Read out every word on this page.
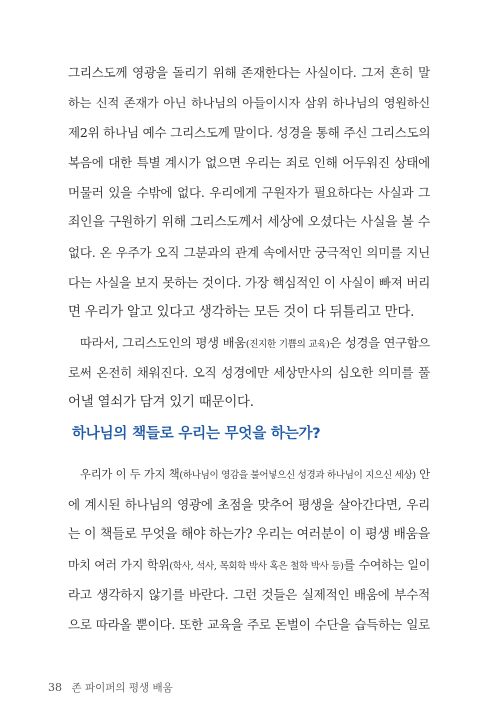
그리스도께 영광을 돌리기 위해 존재한다는 사실이다. 그저 흔히 말
하는 신적 존재가 아닌 하나님의 아들이시자 삼위 하나님의 영원하신
제2위 하나님 예수 그리스도께 말이다. 성경을 통해 주신 그리스도의
복음에 대한 특별 계시가 없으면 우리는 죄로 인해 어두워진 상태에
머물러 있을 수밖에 없다. 우리에게 구원자가 필요하다는 사실과 그
죄인을 구원하기 위해 그리스도께서 세상에 오셨다는 사실을 볼 수
없다. 온 우주가 오직 그분과의 관계 속에서만 궁극적인 의미를 지닌
다는 사실을 보지 못하는 것이다. 가장 핵심적인 이 사실이 빠져 버리
면 우리가 알고 있다고 생각하는 모든 것이 다 뒤틀리고 만다.
따라서, 그리스도인의 평생 배움(진지한 기쁨의 교육)은 성경을 연구함으
로써 온전히 채워진다. 오직 성경에만 세상만사의 심오한 의미를 풀
어낼 열쇠가 담겨 있기 때문이다.
하나님의 책들로 우리는 무엇을 하는가?
우리가 이 두 가지 책(하나님이 영감을 불어넣으신 성경과 하나님이 지으신 세상) 안
에 계시된 하나님의 영광에 초점을 맞추어 평생을 살아간다면, 우리
는 이 책들로 무엇을 해야 하는가? 우리는 여러분이 이 평생 배움을
마치 여러 가지 학위(학사, 석사, 목회학 박사 혹은 철학 박사 등)를 수여하는 일이
라고 생각하지 않기를 바란다. 그런 것들은 실제적인 배움에 부수적
으로 따라올 뿐이다. 또한 교육을 주로 돈벌이 수단을 습득하는 일로
38 존 파이퍼의 평생 배움
